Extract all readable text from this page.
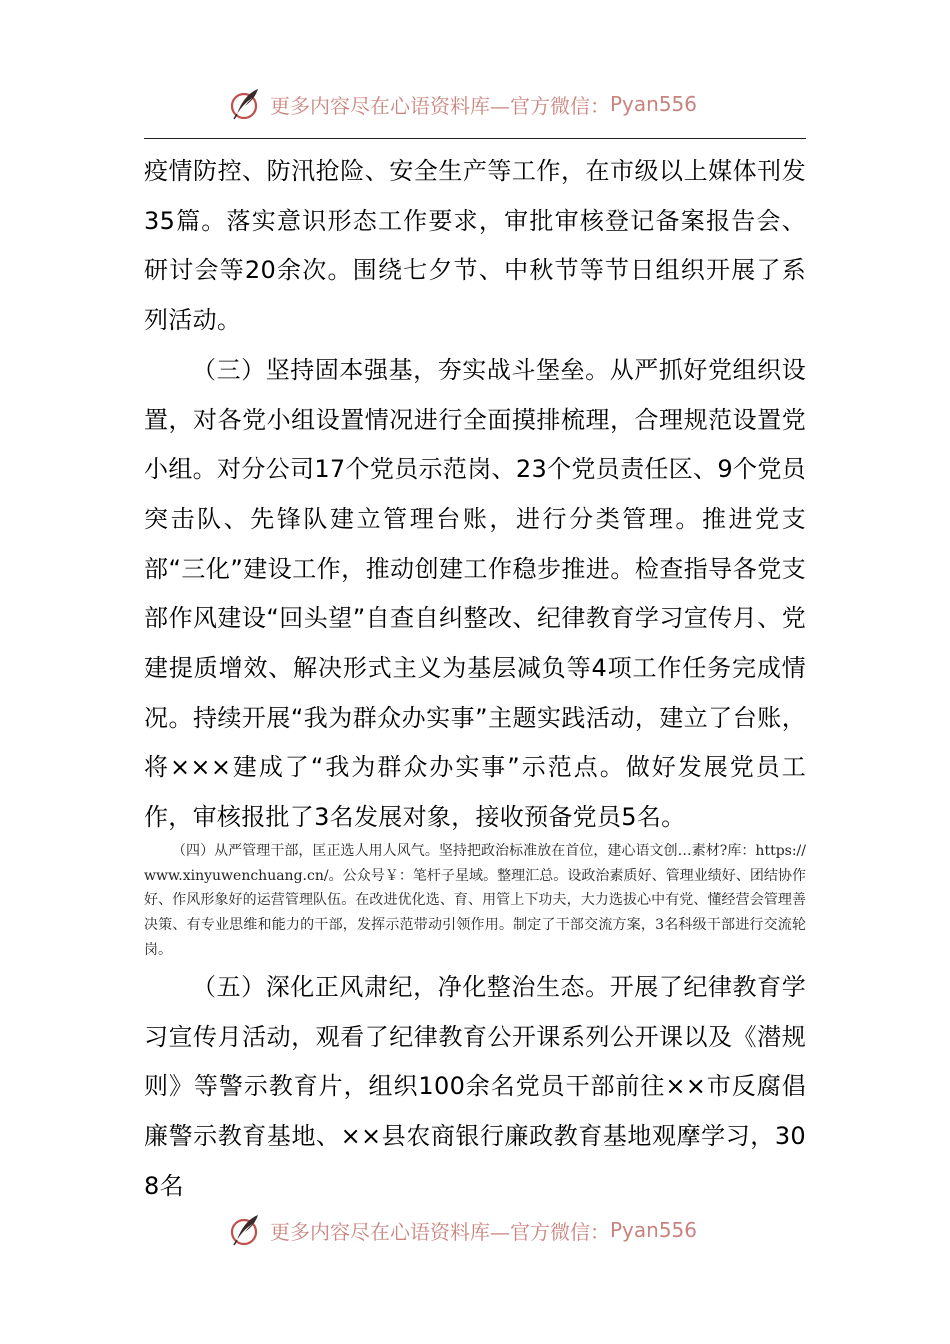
更多内容尽在心语资料库—官方微信： Pyan556

疫情防控、防汛抢险、安全生产等工作，在市级以上媒体刊发35篇。落实意识形态工作要求，审批审核登记备案报告会、研讨会等20余次。围绕七夕节、中秋节等节日组织开展了系列活动。

（三）坚持固本强基，夯实战斗堡垒。从严抓好党组织设置，对各党小组设置情况进行全面摸排梳理，合理规范设置党小组。对分公司17个党员示范岗、23个党员责任区、9个党员突击队、先锋队建立管理台账，进行分类管理。推进党支部“三化”建设工作，推动创建工作稳步推进。检查指导各党支部作风建设“回头望”自查自纠整改、纪律教育学习宣传月、党建提质增效、解决形式主义为基层减负等4项工作任务完成情况。持续开展“我为群众办实事”主题实践活动，建立了台账，将×××建成了“我为群众办实事”示范点。做好发展党员工作，审核报批了3名发展对象，接收预备党员5名。

（四）从严管理干部，匡正选人用人风气。坚持把政治标准放在首位，建心语文创…素材?库：https://www.xinyuwenchuang.cn/。公众号￥：笔杆子星域。整理汇总。设政治素质好、管理业绩好、团结协作好、作风形象好的运营管理队伍。在改进优化选、育、用管上下功夫，大力选拔心中有党、懂经营会管理善决策、有专业思维和能力的干部，发挥示范带动引领作用。制定了干部交流方案，3名科级干部进行交流轮岗。

（五）深化正风肃纪，净化整治生态。开展了纪律教育学习宣传月活动，观看了纪律教育公开课系列公开课以及《潜规则》等警示教育片，组织100余名党员干部前往××市反腐倡廉警示教育基地、××县农商银行廉政教育基地观摩学习，308名

更多内容尽在心语资料库—官方微信： Pyan556
